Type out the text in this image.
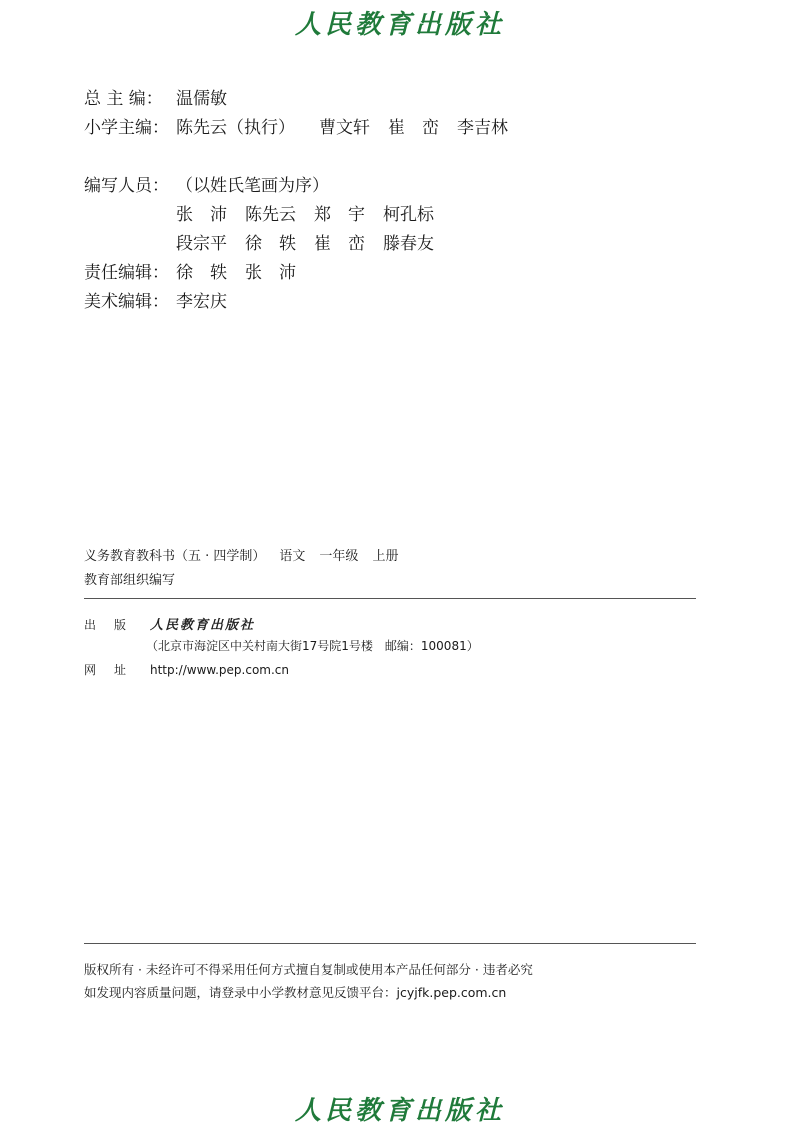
人民教育出版社
总 主 编： 温儒敏
小学主编： 陈先云（执行） 曹文轩 崔　峦 李吉林
编写人员： （以姓氏笔画为序）
张　沛 陈先云 郑　宇 柯孔标
段宗平 徐　轶 崔　峦 滕春友
责任编辑： 徐　轶 张　沛
美术编辑： 李宏庆
义务教育教科书（五 · 四学制） 语文 一年级 上册
教育部组织编写
出版 人民教育出版社
（北京市海淀区中关村南大街17号院1号楼　邮编：100081）
网址 http://www.pep.com.cn
版权所有 · 未经许可不得采用任何方式擅自复制或使用本产品任何部分 · 违者必究
如发现内容质量问题，请登录中小学教材意见反馈平台：jcyjfk.pep.com.cn
人民教育出版社
